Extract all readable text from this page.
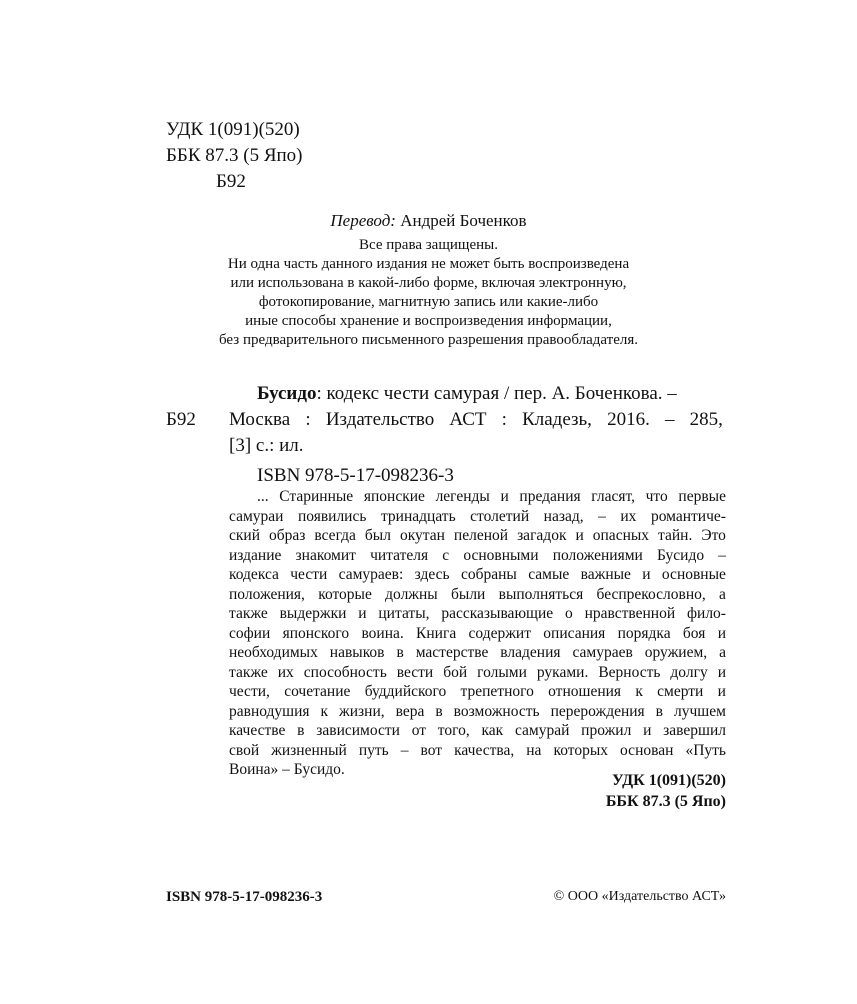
УДК 1(091)(520)
ББК 87.3 (5 Япо)
Б92
Перевод: Андрей Боченков
Все права защищены.
Ни одна часть данного издания не может быть воспроизведена
или использована в какой-либо форме, включая электронную,
фотокопирование, магнитную запись или какие-либо
иные способы хранение и воспроизведения информации,
без предварительного письменного разрешения правообладателя.
Бусидо: кодекс чести самурая / пер. А. Боченкова. –
Б92 Москва : Издательство АСТ : Кладезь, 2016. – 285,
[3] с.: ил.
ISBN 978-5-17-098236-3
... Старинные японские легенды и предания гласят, что первые
самураи появились тринадцать столетий назад, – их романтиче-
ский образ всегда был окутан пеленой загадок и опасных тайн. Это
издание знакомит читателя с основными положениями Бусидо –
кодекса чести самураев: здесь собраны самые важные и основные
положения, которые должны были выполняться беспрекословно, а
также выдержки и цитаты, рассказывающие о нравственной фило-
софии японского воина. Книга содержит описания порядка боя и
необходимых навыков в мастерстве владения самураев оружием, а
также их способность вести бой голыми руками. Верность долгу и
чести, сочетание буддийского трепетного отношения к смерти и
равнодушия к жизни, вера в возможность перерождения в лучшем
качестве в зависимости от того, как самурай прожил и завершил
свой жизненный путь – вот качества, на которых основан «Путь
Воина» – Бусидо.
УДК 1(091)(520)
ББК 87.3 (5 Япо)
ISBN 978-5-17-098236-3	© ООО «Издательство АСТ»
